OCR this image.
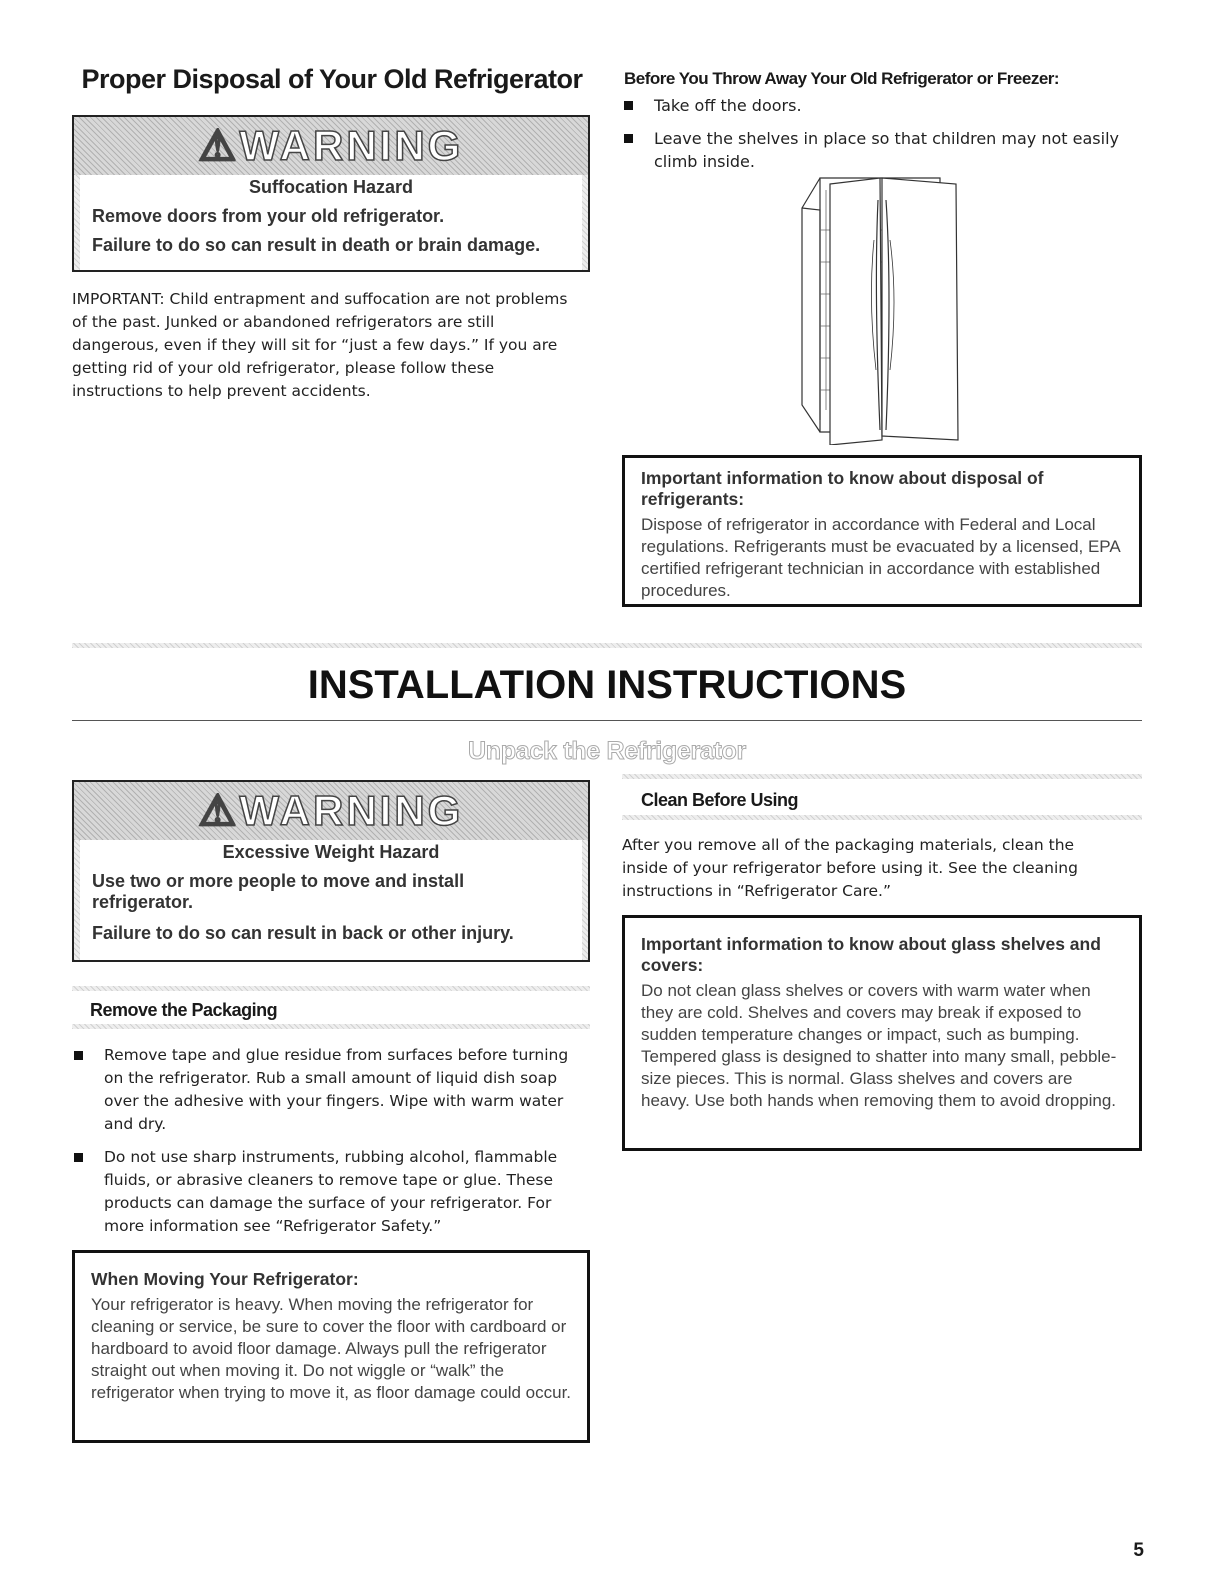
Proper Disposal of Your Old Refrigerator
⚠WARNING
Suffocation Hazard
Remove doors from your old refrigerator.
Failure to do so can result in death or brain damage.
IMPORTANT: Child entrapment and suffocation are not problems of the past. Junked or abandoned refrigerators are still dangerous, even if they will sit for “just a few days.” If you are getting rid of your old refrigerator, please follow these instructions to help prevent accidents.
Before You Throw Away Your Old Refrigerator or Freezer:
Take off the doors.
Leave the shelves in place so that children may not easily climb inside.
Important information to know about disposal of refrigerants:
Dispose of refrigerator in accordance with Federal and Local regulations. Refrigerants must be evacuated by a licensed, EPA certified refrigerant technician in accordance with established procedures.
INSTALLATION INSTRUCTIONS
Unpack the Refrigerator
⚠WARNING
Excessive Weight Hazard
Use two or more people to move and install refrigerator.
Failure to do so can result in back or other injury.
Remove the Packaging
Remove tape and glue residue from surfaces before turning on the refrigerator. Rub a small amount of liquid dish soap over the adhesive with your fingers. Wipe with warm water and dry.
Do not use sharp instruments, rubbing alcohol, flammable fluids, or abrasive cleaners to remove tape or glue. These products can damage the surface of your refrigerator. For more information see “Refrigerator Safety.”
When Moving Your Refrigerator:
Your refrigerator is heavy. When moving the refrigerator for cleaning or service, be sure to cover the floor with cardboard or hardboard to avoid floor damage. Always pull the refrigerator straight out when moving it. Do not wiggle or “walk” the refrigerator when trying to move it, as floor damage could occur.
Clean Before Using
After you remove all of the packaging materials, clean the inside of your refrigerator before using it. See the cleaning instructions in “Refrigerator Care.”
Important information to know about glass shelves and covers:
Do not clean glass shelves or covers with warm water when they are cold. Shelves and covers may break if exposed to sudden temperature changes or impact, such as bumping. Tempered glass is designed to shatter into many small, pebble-size pieces. This is normal. Glass shelves and covers are heavy. Use both hands when removing them to avoid dropping.
5
